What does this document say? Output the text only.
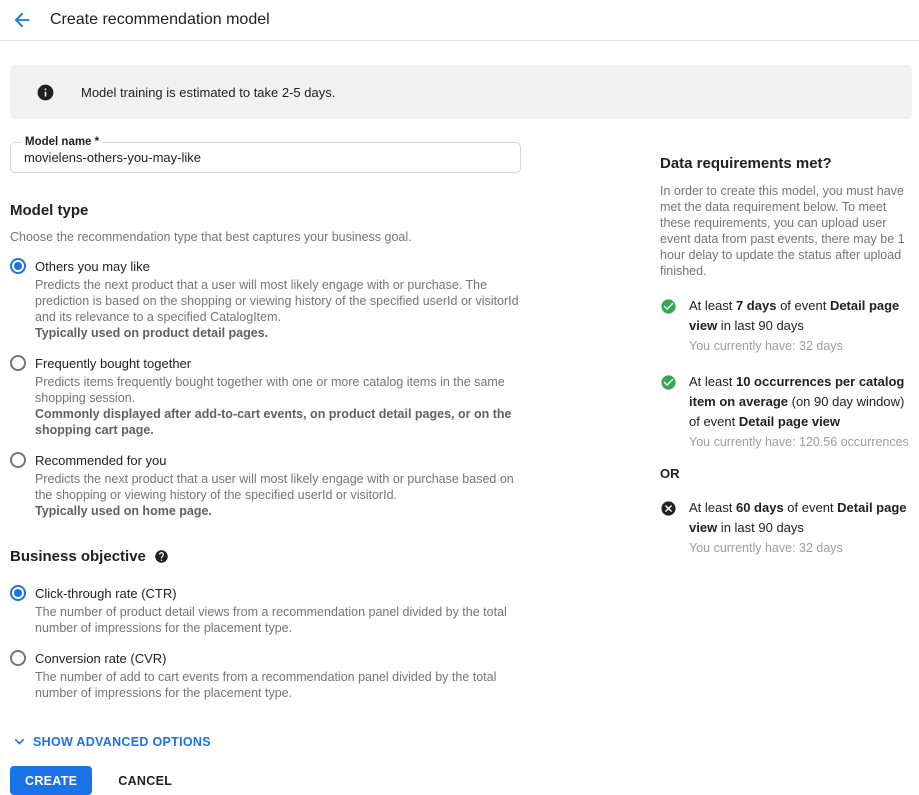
Create recommendation model
Model training is estimated to take 2-5 days.
Model name *
movielens-others-you-may-like
Model type

Choose the recommendation type that best captures your business goal.

Others you may like
Predicts the next product that a user will most likely engage with or purchase. The prediction is based on the shopping or viewing history of the specified userId or visitorId and its relevance to a specified CatalogItem.
Typically used on product detail pages.
Frequently bought together
Predicts items frequently bought together with one or more catalog items in the same shopping session.
Commonly displayed after add-to-cart events, on product detail pages, or on the shopping cart page.
Recommended for you
Predicts the next product that a user will most likely engage with or purchase based on the shopping or viewing history of the specified userId or visitorId.
Typically used on home page.
Business objective
Click-through rate (CTR)
The number of product detail views from a recommendation panel divided by the total number of impressions for the placement type.
Conversion rate (CVR)
The number of add to cart events from a recommendation panel divided by the total number of impressions for the placement type.
SHOW ADVANCED OPTIONS
CREATE	CANCEL
Data requirements met?

In order to create this model, you must have met the data requirement below. To meet these requirements, you can upload user event data from past events, there may be 1 hour delay to update the status after upload finished.

At least 7 days of event Detail page view in last 90 days
You currently have: 32 days
At least 10 occurrences per catalog item on average (on 90 day window) of event Detail page view
You currently have: 120.56 occurrences
OR
At least 60 days of event Detail page view in last 90 days
You currently have: 32 days
